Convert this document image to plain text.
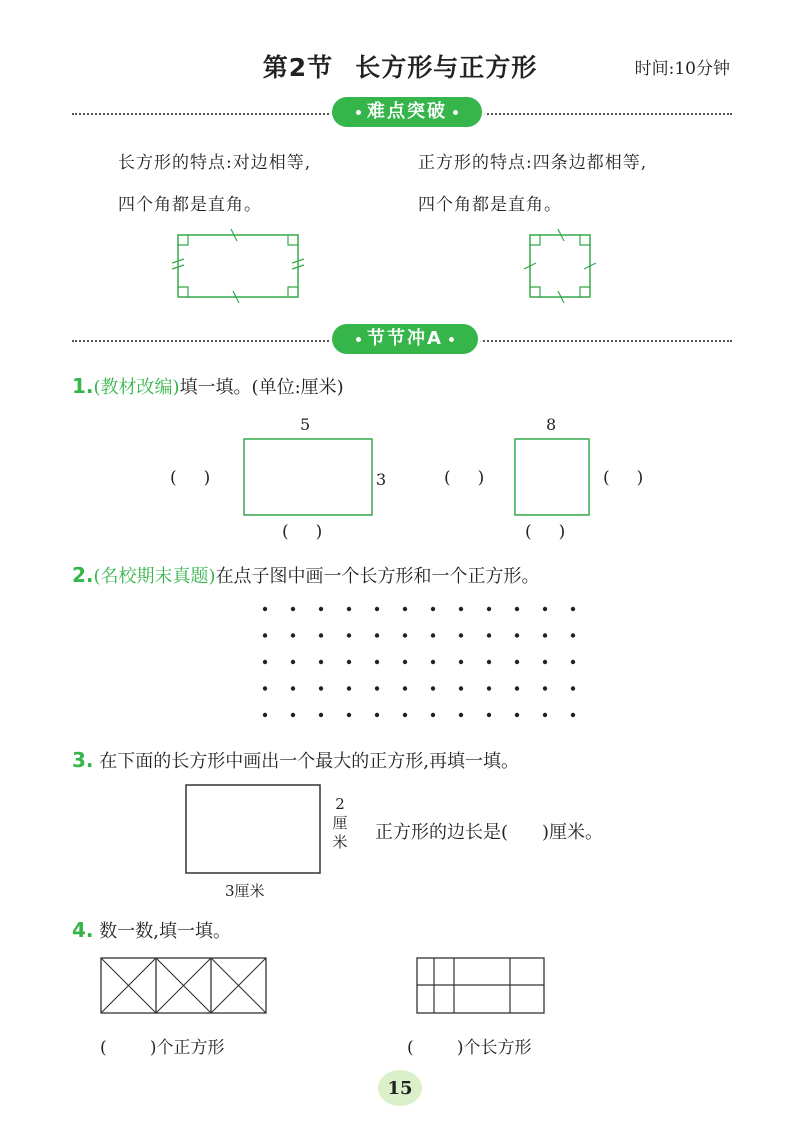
第2节 长方形与正方形	时间:10分钟
难点突破
长方形的特点:对边相等,
四个角都是直角。
正方形的特点:四条边都相等,
四个角都是直角。
节节冲A
1.(教材改编)填一填。(单位:厘米)
5
3
(     )
(     )
8
(     )	(     )
(     )
2.(名校期末真题)在点子图中画一个长方形和一个正方形。
3. 在下面的长方形中画出一个最大的正方形,再填一填。
2厘米
3厘米
正方形的边长是( )厘米。
4. 数一数,填一填。
(        )个正方形	(        )个长方形
15
